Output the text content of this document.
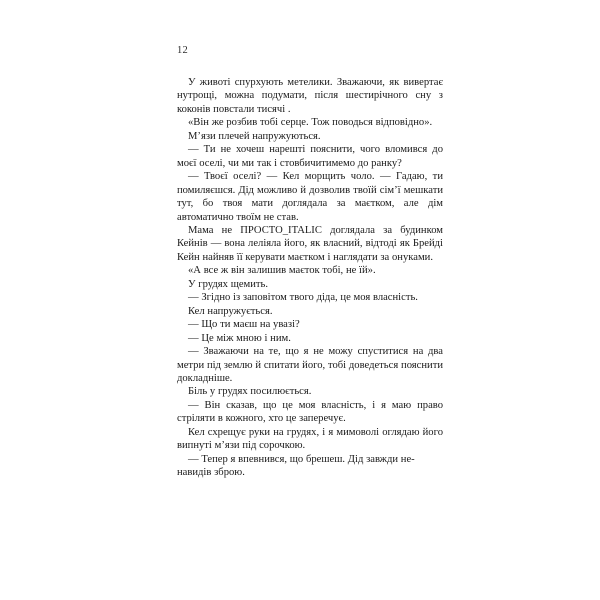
12

У животі спурхують метелики. Зважаючи, як вивертає нутрощі, можна подумати, після шестирічного сну з коконів повстали тисячі .

«Він же розбив тобі серце. Тож поводься відповідно».

М’язи плечей напружуються.

— Ти не хочеш нарешті пояснити, чого вломився до моєї оселі, чи ми так і стовбичитимемо до ранку?

— Твоєї оселі? — Кел морщить чоло. — Гадаю, ти помиляєшся. Дід можливо й дозволив твоїй сім’ї мешкати тут, бо твоя мати доглядала за маєтком, але дім автоматично твоїм не став.

Мама не ПРОСТО_ITALIC доглядала за будинком Кейнів — вона леліяла його, як власний, відтоді як Брейді Кейн найняв її керувати маєтком і наглядати за онуками.

«А все ж він залишив маєток тобі, не їй».

У грудях щемить.

— Згідно із заповітом твого діда, це моя власність.

Кел напружується.

— Що ти маєш на увазі?

— Це між мною і ним.

— Зважаючи на те, що я не можу спуститися на два метри під землю й спитати його, тобі доведеться пояснити докладніше.

Біль у грудях посилюється.

— Він сказав, що це моя власність, і я маю право стріляти в кожного, хто це заперечує.

Кел схрещує руки на грудях, і я мимоволі оглядаю його випнуті м’язи під сорочкою.

— Тепер я впевнився, що брешеш. Дід завжди ненавидів зброю.
